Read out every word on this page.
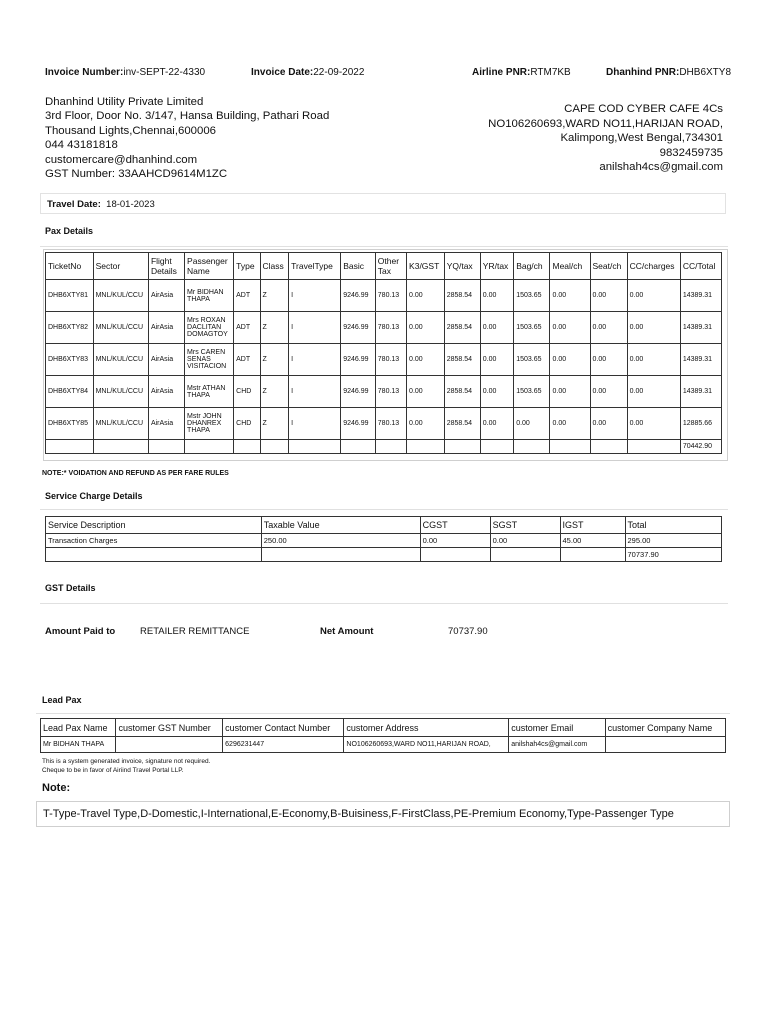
Invoice Number:inv-SEPT-22-4330	Invoice Date:22-09-2022	Airline PNR:RTM7KB	Dhanhind PNR:DHB6XTY8
Dhanhind Utility Private Limited
3rd Floor, Door No. 3/147, Hansa Building, Pathari Road
Thousand Lights,Chennai,600006
044 43181818
customercare@dhanhind.com
GST Number: 33AAHCD9614M1ZC
CAPE COD CYBER CAFE 4Cs
NO106260693,WARD NO11,HARIJAN ROAD,
Kalimpong,West Bengal,734301
9832459735
anilshah4cs@gmail.com
Travel Date: 18-01-2023
Pax Details
TicketNo	Sector	Flight Details	Passenger Name	Type	Class	TravelType	Basic	Other Tax	K3/GST	YQ/tax	YR/tax	Bag/ch	Meal/ch	Seat/ch	CC/charges	CC/Total
DHB6XTY81	MNL/KUL/CCU	AirAsia	Mr BIDHAN THAPA	ADT	Z	I	9246.99	780.13	0.00	2858.54	0.00	1503.65	0.00	0.00	0.00	14389.31
DHB6XTY82	MNL/KUL/CCU	AirAsia	Mrs ROXAN DACLITAN DOMAGTOY	ADT	Z	I	9246.99	780.13	0.00	2858.54	0.00	1503.65	0.00	0.00	0.00	14389.31
DHB6XTY83	MNL/KUL/CCU	AirAsia	Mrs CAREN SENAS VISITACION	ADT	Z	I	9246.99	780.13	0.00	2858.54	0.00	1503.65	0.00	0.00	0.00	14389.31
DHB6XTY84	MNL/KUL/CCU	AirAsia	Mstr ATHAN THAPA	CHD	Z	I	9246.99	780.13	0.00	2858.54	0.00	1503.65	0.00	0.00	0.00	14389.31
DHB6XTY85	MNL/KUL/CCU	AirAsia	Mstr JOHN DHANREX THAPA	CHD	Z	I	9246.99	780.13	0.00	2858.54	0.00	0.00	0.00	0.00	0.00	12885.66
																70442.90
NOTE:* VOIDATION AND REFUND AS PER FARE RULES
Service Charge Details
Service Description	Taxable Value	CGST	SGST	IGST	Total
Transaction Charges	250.00	0.00	0.00	45.00	295.00
					70737.90
GST Details
Amount Paid to	RETAILER REMITTANCE	Net Amount	70737.90
Lead Pax
Lead Pax Name	customer GST Number	customer Contact Number	customer Address	customer Email	customer Company Name
Mr BIDHAN THAPA		6296231447	NO106260693,WARD NO11,HARIJAN ROAD,	anilshah4cs@gmail.com	
This is a system generated invoice, signature not required.
Cheque to be in favor of Airiind Travel Portal LLP.
Note:
T-Type-Travel Type,D-Domestic,I-International,E-Economy,B-Buisiness,F-FirstClass,PE-Premium Economy,Type-Passenger Type
